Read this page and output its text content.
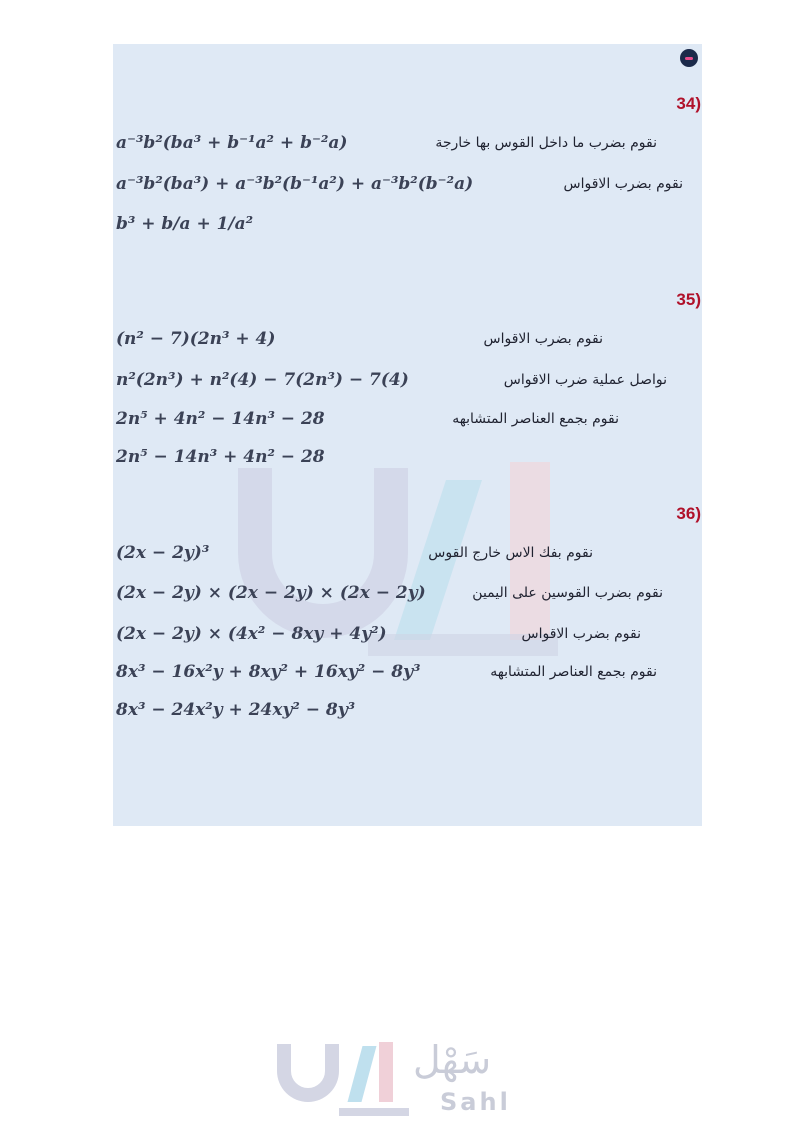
34)
a⁻³b²(ba³ + b⁻¹a² + b⁻²a)	نقوم بضرب ما داخل القوس بها خارجة
a⁻³b²(ba³) + a⁻³b²(b⁻¹a²) + a⁻³b²(b⁻²a)	نقوم بضرب الاقواس
b³ + b/a + 1/a²
35)
(n² − 7)(2n³ + 4)	نقوم بضرب الاقواس
n²(2n³) + n²(4) − 7(2n³) − 7(4)	نواصل عملية ضرب الاقواس
2n⁵ + 4n² − 14n³ − 28	نقوم بجمع العناصر المتشابهه
2n⁵ − 14n³ + 4n² − 28
36)
(2x − 2y)³	نقوم بفك الاس خارج القوس
(2x − 2y) × (2x − 2y) × (2x − 2y)	نقوم بضرب القوسين على اليمين
(2x − 2y) × (4x² − 8xy + 4y²)	نقوم بضرب الاقواس
8x³ − 16x²y + 8xy² + 16xy² − 8y³	نقوم بجمع العناصر المتشابهه
8x³ − 24x²y + 24xy² − 8y³
سَهْل
Sahl
